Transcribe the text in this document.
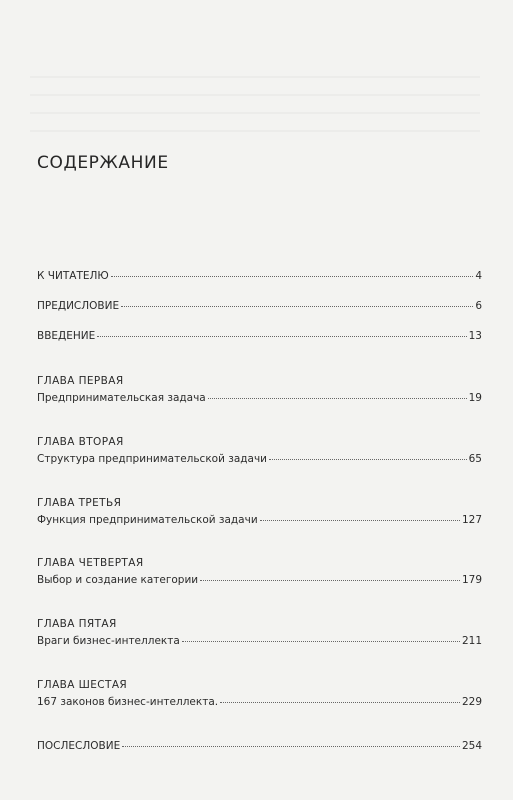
СОДЕРЖАНИЕ
К ЧИТАТЕЛЮ	4
ПРЕДИСЛОВИЕ	6
ВВЕДЕНИЕ	13
ГЛАВА ПЕРВАЯ
Предпринимательская задача	19
ГЛАВА ВТОРАЯ
Структура предпринимательской задачи	65
ГЛАВА ТРЕТЬЯ
Функция предпринимательской задачи	127
ГЛАВА ЧЕТВЕРТАЯ
Выбор и создание категории	179
ГЛАВА ПЯТАЯ
Враги бизнес-интеллекта	211
ГЛАВА ШЕСТАЯ
167 законов бизнес-интеллекта.	229
ПОСЛЕСЛОВИЕ	254
